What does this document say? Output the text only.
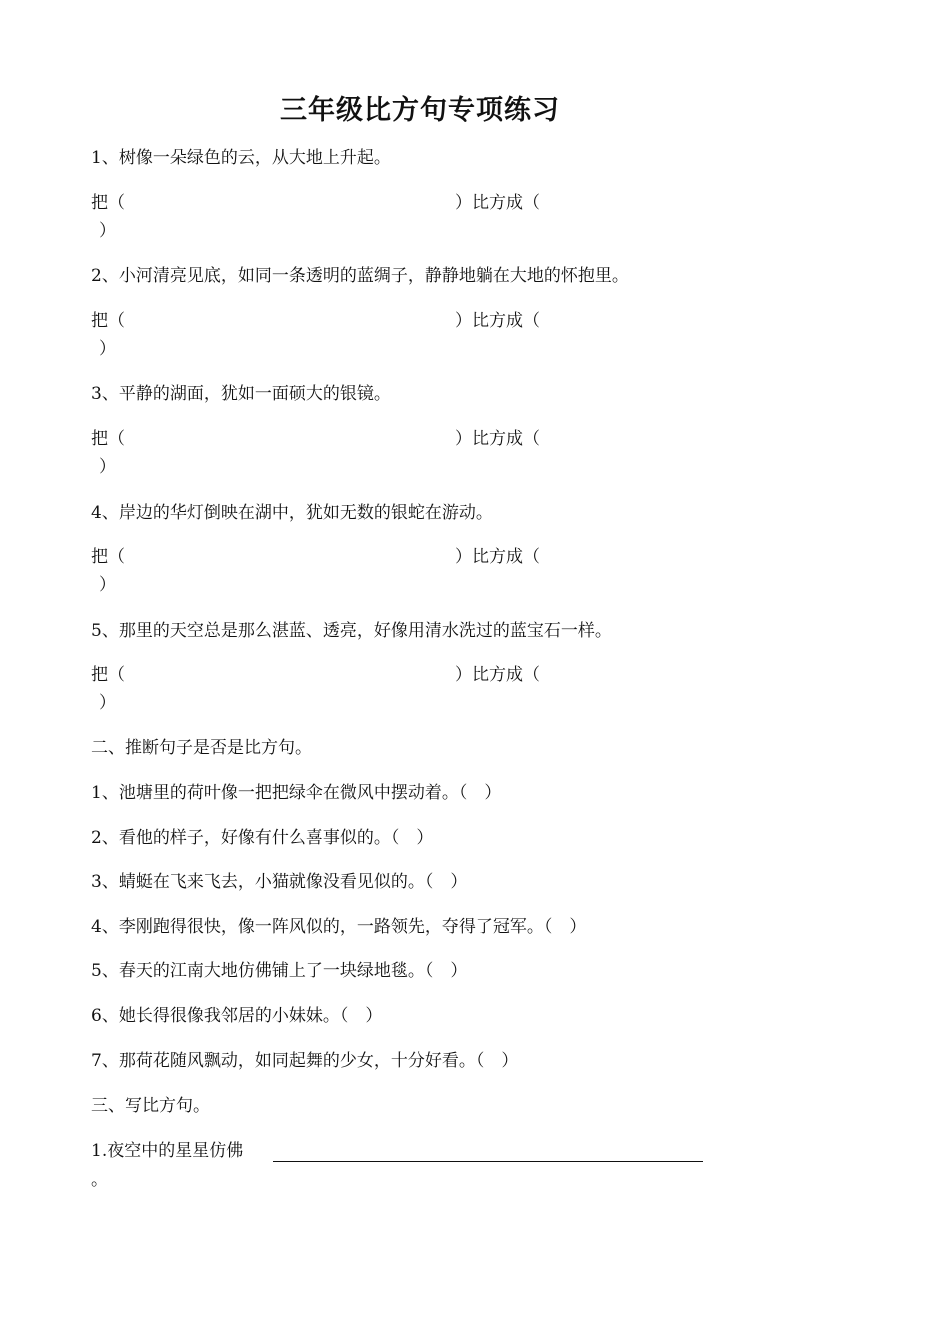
三年级比方句专项练习
1、树像一朵绿色的云，从大地上升起。
把（	）比方成（
）
2、小河清亮见底，如同一条透明的蓝绸子，静静地躺在大地的怀抱里。
把（	）比方成（
）
3、平静的湖面，犹如一面硕大的银镜。
把（	）比方成（
）
4、岸边的华灯倒映在湖中，犹如无数的银蛇在游动。
把（	）比方成（
）
5、那里的天空总是那么湛蓝、透亮，好像用清水洗过的蓝宝石一样。
把（	）比方成（
）
二、推断句子是否是比方句。
1、池塘里的荷叶像一把把绿伞在微风中摆动着。（　）
2、看他的样子，好像有什么喜事似的。（　）
3、蜻蜓在飞来飞去，小猫就像没看见似的。（　）
4、李刚跑得很快，像一阵风似的，一路领先，夺得了冠军。（　）
5、春天的江南大地仿佛铺上了一块绿地毯。（　）
6、她长得很像我邻居的小妹妹。（　）
7、那荷花随风飘动，如同起舞的少女，十分好看。（　）
三、写比方句。
1.夜空中的星星仿佛
。
